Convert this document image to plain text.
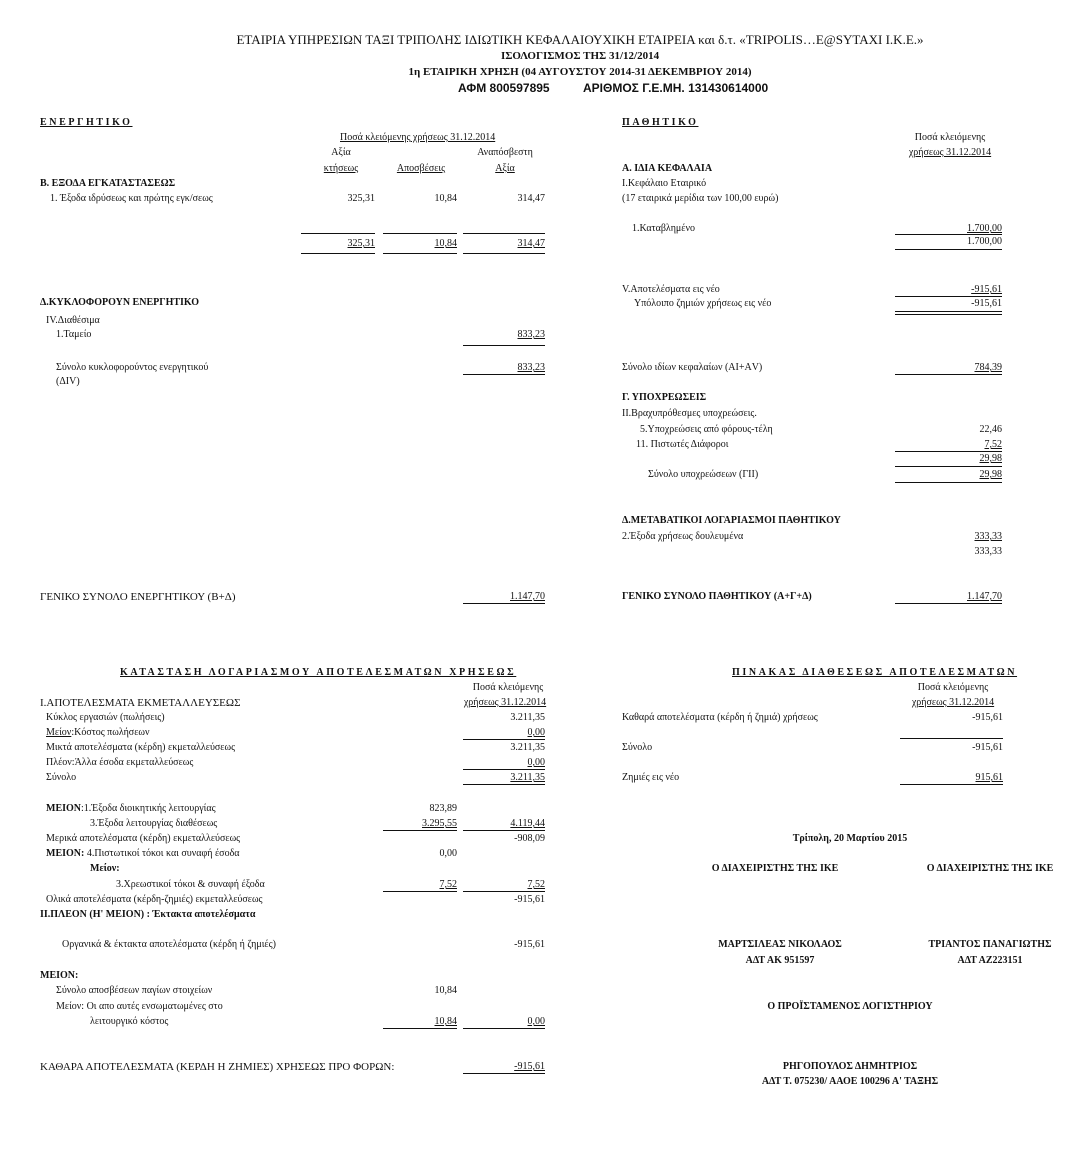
ΕΤΑΙΡΙΑ ΥΠΗΡΕΣΙΩΝ ΤΑΞΙ ΤΡΙΠΟΛΗΣ ΙΔΙΩΤΙΚΗ ΚΕΦΑΛΑΙΟΥΧΙΚΗ ΕΤΑΙΡΕΙΑ και δ.τ. «TRIPOLIS…E@SYTAXI I.K.E.»
ΙΣΟΛΟΓΙΣΜΟΣ ΤΗΣ 31/12/2014
1η ΕΤΑΙΡΙΚΗ ΧΡΗΣΗ (04 ΑΥΓΟΥΣΤΟΥ 2014-31 ΔΕΚΕΜΒΡΙΟΥ 2014)
ΑΦΜ 800597895	ΑΡΙΘΜΟΣ Γ.Ε.ΜΗ. 131430614000
ΕΝΕΡΓΗΤΙΚΟ
Ποσά κλειόμενης χρήσεως 31.12.2014
Αξία
κτήσεως	Αποσβέσεις
Αναπόσβεστη
Αξία
Β. ΕΞΟΔΑ ΕΓΚΑΤΑΣΤΑΣΕΩΣ
1. Έξοδα ιδρύσεως και πρώτης εγκ/σεως	325,31	10,84	314,47
325,31	10,84	314,47
Δ.ΚΥΚΛΟΦΟΡΟΥΝ ΕΝΕΡΓΗΤΙΚΟ
IV.Διαθέσιμα
1.Ταμείο	833,23
Σύνολο κυκλοφορούντος ενεργητικού
(ΔIV)
833,23
ΓΕΝΙΚΟ ΣΥΝΟΛΟ ΕΝΕΡΓΗΤΙΚΟΥ (Β+Δ)	1.147,70
ΠΑΘΗΤΙΚΟ
Ποσά κλειόμενης
χρήσεως 31.12.2014
Α. ΙΔΙΑ ΚΕΦΑΛΑΙΑ
Ι.Κεφάλαιο Εταιρικό
(17 εταιρικά μερίδια των 100,00 ευρώ)
1.Καταβλημένο	1.700,00
1.700,00
V.Αποτελέσματα εις νέο	-915,61
Υπόλοιπο ζημιών χρήσεως εις νέο	-915,61
Σύνολο ιδίων κεφαλαίων (ΑΙ+ΑV)	784,39
Γ. ΥΠΟΧΡΕΩΣΕΙΣ
ΙΙ.Βραχυπρόθεσμες υποχρεώσεις.
5.Υποχρεώσεις από φόρους-τέλη	22,46
11. Πιστωτές Διάφοροι	7,52
29,98
Σύνολο υποχρεώσεων (ΓΙΙ)	29,98
Δ.ΜΕΤΑΒΑΤΙΚΟΙ ΛΟΓΑΡΙΑΣΜΟΙ ΠΑΘΗΤΙΚΟΥ
2.Έξοδα χρήσεως δουλευμένα	333,33
333,33
ΓΕΝΙΚΟ ΣΥΝΟΛΟ ΠΑΘΗΤΙΚΟΥ (Α+Γ+Δ)	1.147,70
ΚΑΤΑΣΤΑΣΗ ΛΟΓΑΡΙΑΣΜΟΥ ΑΠΟΤΕΛΕΣΜΑΤΩΝ ΧΡΗΣΕΩΣ
Ποσά κλειόμενης
χρήσεως 31.12.2014
Ι.ΑΠΟΤΕΛΕΣΜΑΤΑ ΕΚΜΕΤΑΛΛΕΥΣΕΩΣ
Κύκλος εργασιών (πωλήσεις)	3.211,35
Μείον:Κόστος πωλήσεων	0,00
Μικτά αποτελέσματα (κέρδη) εκμεταλλεύσεως	3.211,35
Πλέον:Άλλα έσοδα εκμεταλλεύσεως	0,00
Σύνολο	3.211,35
ΜΕΙΟΝ:1.Έξοδα διοικητικής λειτουργίας	823,89
3.Έξοδα λειτουργίας διαθέσεως	3.295,55	4.119,44
Μερικά αποτελέσματα (κέρδη) εκμεταλλεύσεως	-908,09
ΜΕΙΟΝ: 4.Πιστωτικοί τόκοι και συναφή έσοδα	0,00
Μείον:
3.Χρεωστικοί τόκοι & συναφή έξοδα	7,52	7,52
Ολικά αποτελέσματα (κέρδη-ζημιές) εκμεταλλεύσεως	-915,61
ΙΙ.ΠΛΕΟΝ (Η' ΜΕΙΟΝ) : Έκτακτα αποτελέσματα
Οργανικά & έκτακτα αποτελέσματα (κέρδη ή ζημιές)	-915,61
ΜΕΙΟΝ:
Σύνολο αποσβέσεων παγίων στοιχείων	10,84
Μείον: Οι απο αυτές ενσωματωμένες στο
λειτουργικό κόστος	10,84	0,00
ΚΑΘΑΡΑ ΑΠΟΤΕΛΕΣΜΑΤΑ (ΚΕΡΔΗ Η ΖΗΜΙΕΣ) ΧΡΗΣΕΩΣ ΠΡΟ ΦΟΡΩΝ:	-915,61
ΠΙΝΑΚΑΣ ΔΙΑΘΕΣΕΩΣ ΑΠΟΤΕΛΕΣΜΑΤΩΝ
Ποσά κλειόμενης
χρήσεως 31.12.2014
Καθαρά αποτελέσματα (κέρδη ή ζημιά) χρήσεως	-915,61
Σύνολο	-915,61
Ζημιές εις νέο	915,61
Τρίπολη, 20 Μαρτίου 2015
Ο ΔΙΑΧΕΙΡΙΣΤΗΣ ΤΗΣ ΙΚΕ	Ο ΔΙΑΧΕΙΡΙΣΤΗΣ ΤΗΣ ΙΚΕ
ΜΑΡΤΣΙΛΕΑΣ ΝΙΚΟΛΑΟΣ
ΑΔΤ ΑΚ 951597
ΤΡΙΑΝΤΟΣ ΠΑΝΑΓΙΩΤΗΣ
ΑΔΤ ΑΖ223151
Ο ΠΡΟΪΣΤΑΜΕΝΟΣ ΛΟΓΙΣΤΗΡΙΟΥ
ΡΗΓΟΠΟΥΛΟΣ ΔΗΜΗΤΡΙΟΣ
ΑΔΤ Τ. 075230/ ΑΑΟΕ 100296 Α' ΤΑΞΗΣ
